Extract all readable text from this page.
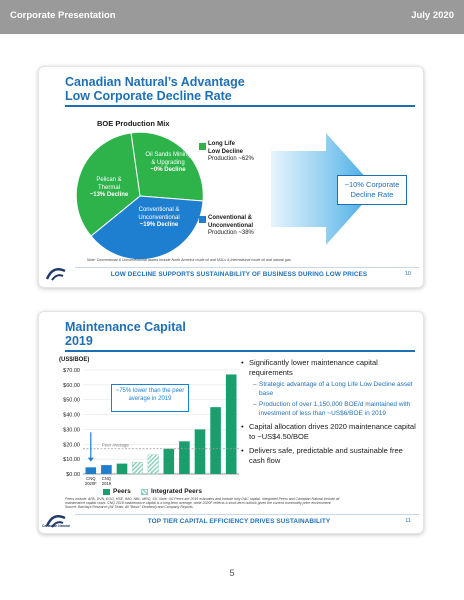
Corporate Presentation	July 2020
Canadian Natural’s Advantage
Low Corporate Decline Rate
BOE Production Mix
Oil Sands Mining
& Upgrading
~0% Decline
Pelican &
Thermal
~13% Decline
Conventional &
Unconventional
~19% Decline
Long Life
Low Decline
Production ~62%
Conventional &
Unconventional
Production ~38%
~10% Corporate
Decline Rate
Note: Conventional & Unconventional assets include North America crude oil and NGLs & International crude oil and natural gas.
LOW DECLINE SUPPORTS SUSTAINABILITY OF BUSINESS DURING LOW PRICES	10
Maintenance Capital
2019
(US$/BOE)
$0.00
$10.00
$20.00
$30.00
$40.00
$50.00
$60.00
$70.00
Peer Average
CNQ
2020F
CNQ
2019
~75% lower than the peer average in 2019
Peers	Integrated Peers
• Significantly lower maintenance capital requirements
– Strategic advantage of a Long Life Low Decline asset base
– Production of over 1,150,000 BOE/d maintained with investment of less than ~US$6/BOE in 2019
• Capital allocation drives 2020 maintenance capital to ~US$4.50/BOE
• Delivers safe, predictable and sustainable free cash flow
Peers include: APA, DVN, EOG, HSE, IMO, NBL, MRO, SU. Note: US Peers are 2019 estimates and include only D&C capital. Integrated Peers and Canadian Natural include all
maintenance capital costs. CNQ 2019 maintenance capital is a long-term average, while 2020F reflects a short-term outlook given the current commodity price environment.
Source: Barclays Research (Ali Tirabi, All "Basic" Dividend) and Company Reports.
TOP TIER CAPITAL EFFICIENCY DRIVES SUSTAINABILITY	11
Canadian Natural
5
